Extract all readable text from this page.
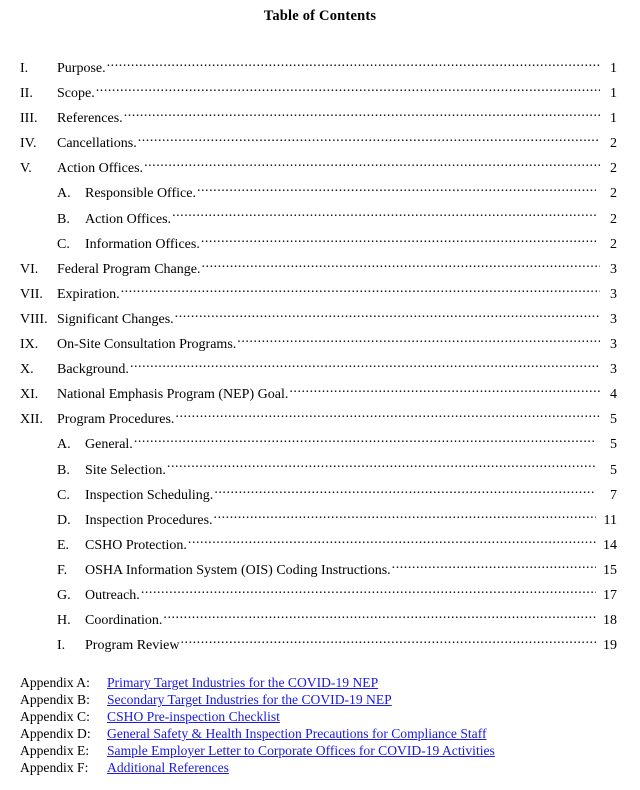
Table of Contents
I.	Purpose. .....	1
II.	Scope. .....	1
III.	References. .....	1
IV.	Cancellations. .....	2
V.	Action Offices. .....	2
A.	Responsible Office. .....	2
B.	Action Offices. .....	2
C.	Information Offices. .....	2
VI.	Federal Program Change. .....	3
VII.	Expiration. .....	3
VIII. Significant Changes. .....	3
IX.	On-Site Consultation Programs. .....	3
X.	Background. .....	3
XI.	National Emphasis Program (NEP) Goal. .....	4
XII.	Program Procedures. .....	5
A.	General. .....	5
B.	Site Selection. .....	5
C.	Inspection Scheduling. .....	7
D.	Inspection Procedures. .....	11
E.	CSHO Protection. .....	14
F.	OSHA Information System (OIS) Coding Instructions. .....	15
G.	Outreach. .....	17
H.	Coordination. .....	18
I.	Program Review .....	19
Appendix A:	Primary Target Industries for the COVID-19 NEP
Appendix B:	Secondary Target Industries for the COVID-19 NEP
Appendix C:	CSHO Pre-inspection Checklist
Appendix D:	General Safety & Health Inspection Precautions for Compliance Staff
Appendix E:	Sample Employer Letter to Corporate Offices for COVID-19 Activities
Appendix F:	Additional References
